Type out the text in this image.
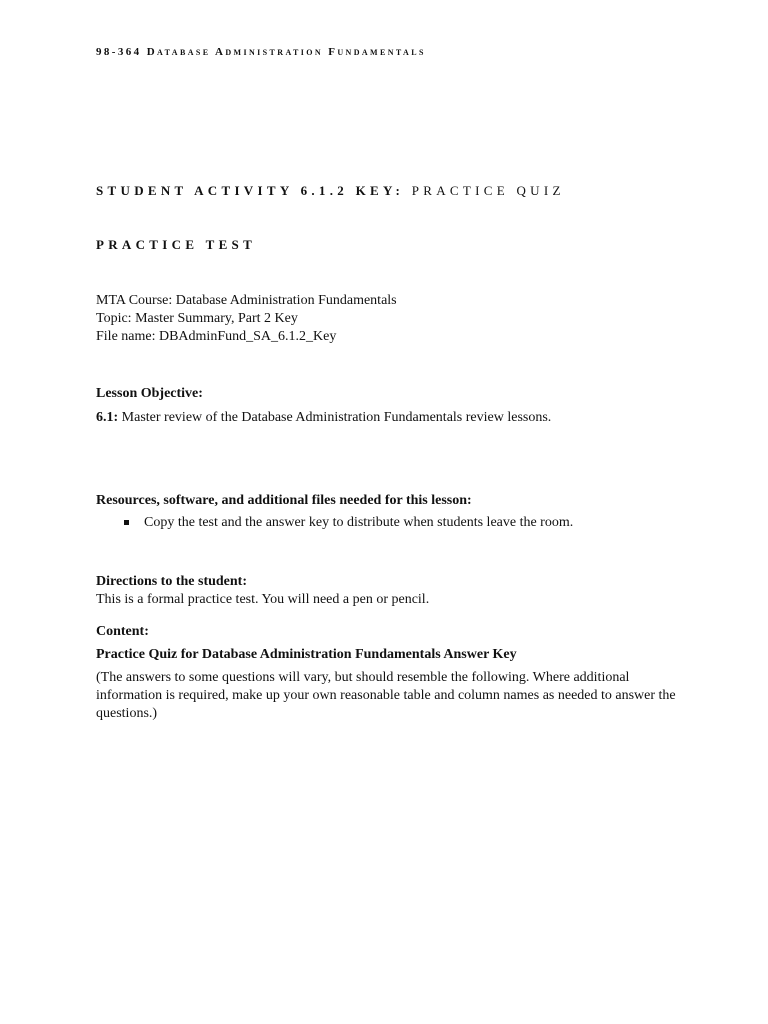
98-364 Database Administration Fundamentals
STUDENT ACTIVITY 6.1.2 KEY: PRACTICE QUIZ
PRACTICE TEST
MTA Course: Database Administration Fundamentals
Topic: Master Summary, Part 2 Key
File name: DBAdminFund_SA_6.1.2_Key
Lesson Objective:
6.1: Master review of the Database Administration Fundamentals review lessons.
Resources, software, and additional files needed for this lesson:
Copy the test and the answer key to distribute when students leave the room.
Directions to the student:
This is a formal practice test. You will need a pen or pencil.
Content:
Practice Quiz for Database Administration Fundamentals Answer Key
(The answers to some questions will vary, but should resemble the following. Where additional information is required, make up your own reasonable table and column names as needed to answer the questions.)
